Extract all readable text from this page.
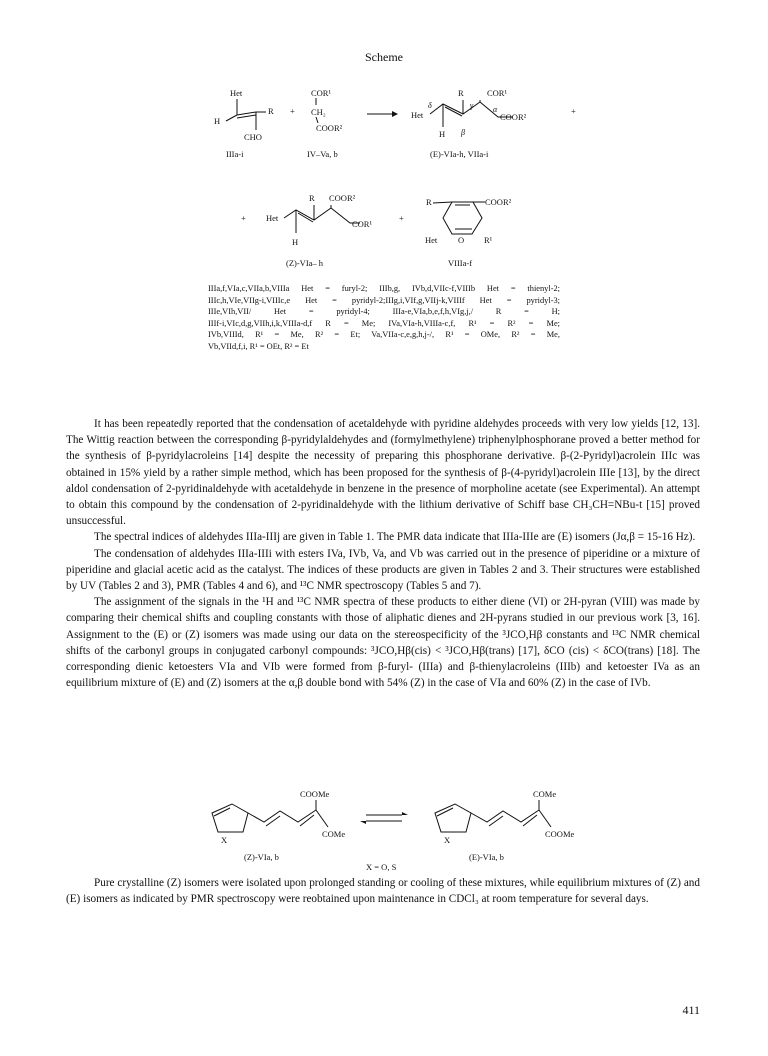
Scheme
Het
R
H
CHO
IIIa-i
+
COR¹
CH₂
COOR²
IV–Va, b
R	COR¹
Het
δ	γ α
β
COOR²
H
(E)-VIa-h, VIIa-i
+
+
R COOR²
Het
COR¹
H
(Z)-VIa– h
+
R	COOR²
Het O R¹
VIIIa-f
X
COOMe
COMe
(Z)-VIa, b
X
COMe
COOMe
(E)-VIa, b
X = O, S

IIIa,f,VIa,c,VIIa,b,VIIIa Het = furyl-2; IIIb,g, IVb,d,VIIc-f,VIIIb Het = thienyl-2;

IIIc,h,VIe,VIIg-i,VIIIc,e Het = pyridyl-2;IIIg,i,VIf,g,VIIj-k,VIIIf Het = pyridyl-3;

IIIe,VIh,VII/ Het = pyridyl-4; IIIa-e,VIa,b,e,f,h,VIg,j,/ R = H;

IIIf-i,VIc,d,g,VIIh,i,k,VIIIa-d,f R = Me; IVa,VIa-h,VIIIa-c,f, R¹ = R² = Me;

IVb,VIIId, R¹ = Me, R² = Et; Va,VIIa-c,e,g,h,j-/, R¹ = OMe, R² = Me,

Vb,VIId,f,i, R¹ = OEt, R² = Et

It has been repeatedly reported that the condensation of acetaldehyde with pyridine aldehydes proceeds with very low yields [12, 13]. The Wittig reaction between the corresponding β-pyridylaldehydes and (formylmethylene) triphenylphosphorane proved a better method for the synthesis of β-pyridylacroleins [14] despite the necessity of preparing this phosphorane derivative. β-(2-Pyridyl)acrolein IIIc was obtained in 15% yield by a rather simple method, which has been proposed for the synthesis of β-(4-pyridyl)acrolein IIIe [13], by the direct aldol condensation of 2-pyridinaldehyde with acetaldehyde in benzene in the presence of morpholine acetate (see Experimental). An attempt to obtain this compound by the condensation of 2-pyridinaldehyde with the lithium derivative of Schiff base CH₃CH=NBu-t [15] proved unsuccessful.

The spectral indices of aldehydes IIIa-IIIj are given in Table 1. The PMR data indicate that IIIa-IIIe are (E) isomers (Jα,β = 15-16 Hz).

The condensation of aldehydes IIIa-IIIi with esters IVa, IVb, Va, and Vb was carried out in the presence of piperidine or a mixture of piperidine and glacial acetic acid as the catalyst. The indices of these products are given in Tables 2 and 3. Their structures were established by UV (Tables 2 and 3), PMR (Tables 4 and 6), and ¹³C NMR spectroscopy (Tables 5 and 7).

The assignment of the signals in the ¹H and ¹³C NMR spectra of these products to either diene (VI) or 2H-pyran (VIII) was made by comparing their chemical shifts and coupling constants with those of aliphatic dienes and 2H-pyrans studied in our previous work [3, 16]. Assignment to the (E) or (Z) isomers was made using our data on the stereospecificity of the ³JCO,Hβ constants and ¹³C NMR chemical shifts of the carbonyl groups in conjugated carbonyl compounds: ³JCO,Hβ(cis) < ³JCO,Hβ(trans) [17], δCO (cis) < δCO(trans) [18]. The corresponding dienic ketoesters VIa and VIb were formed from β-furyl- (IIIa) and β-thienylacroleins (IIIb) and ketoester IVa as an equilibrium mixture of (E) and (Z) isomers at the α,β double bond with 54% (Z) in the case of VIa and 60% (Z) in the case of IVb.

Pure crystalline (Z) isomers were isolated upon prolonged standing or cooling of these mixtures, while equilibrium mixtures of (Z) and (E) isomers as indicated by PMR spectroscopy were reobtained upon maintenance in CDCl₃ at room temperature for several days.

411
